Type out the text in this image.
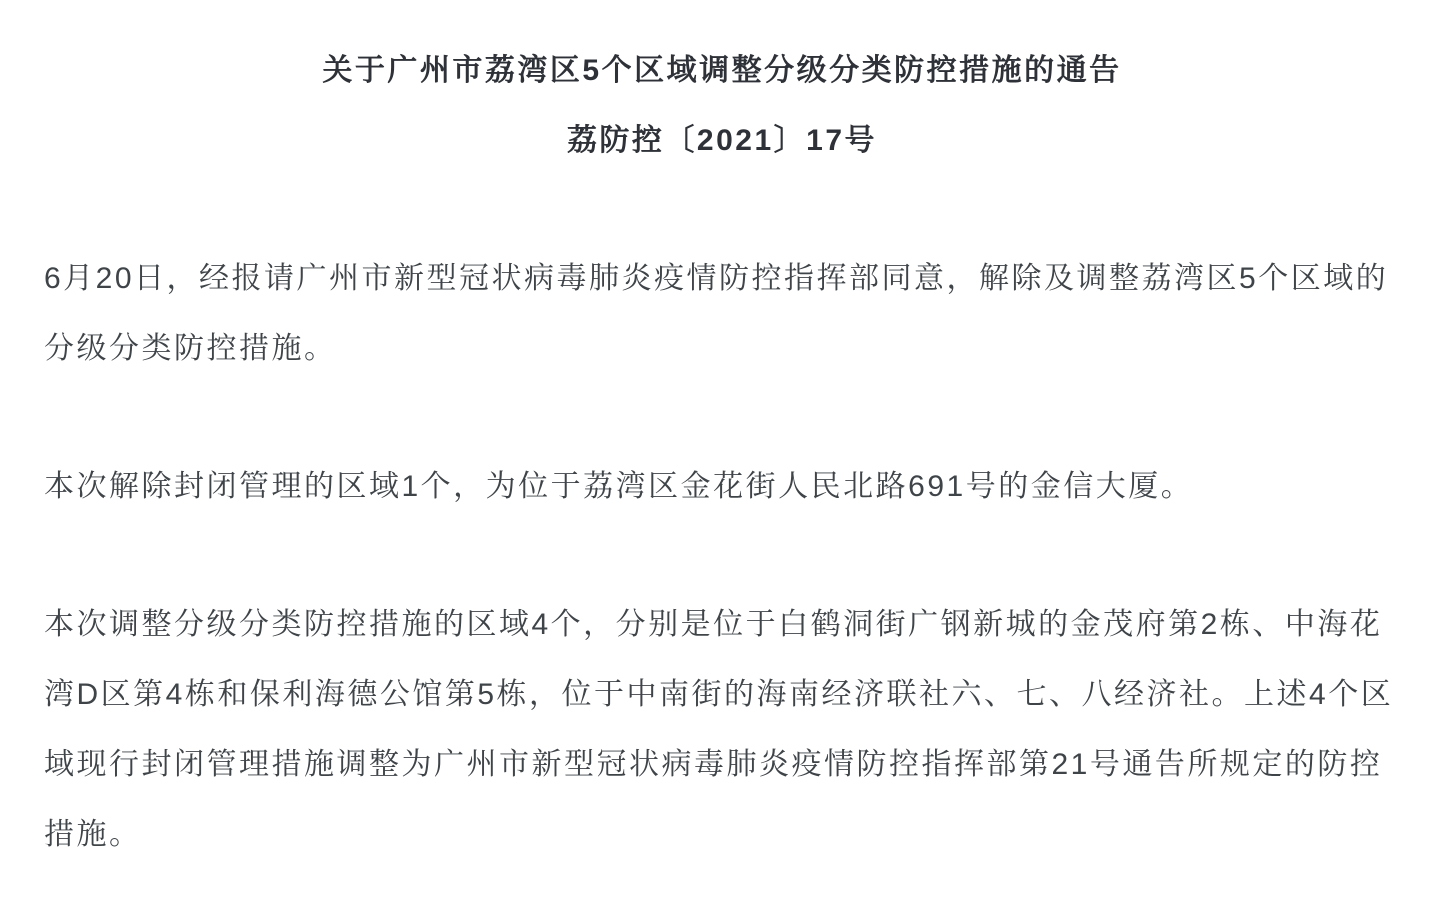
关于广州市荔湾区5个区域调整分级分类防控措施的通告
荔防控〔2021〕17号

6月20日，经报请广州市新型冠状病毒肺炎疫情防控指挥部同意，解除及调整荔湾区5个区域的分级分类防控措施。

本次解除封闭管理的区域1个，为位于荔湾区金花街人民北路691号的金信大厦。

本次调整分级分类防控措施的区域4个，分别是位于白鹤洞街广钢新城的金茂府第2栋、中海花湾D区第4栋和保利海德公馆第5栋，位于中南街的海南经济联社六、七、八经济社。上述4个区域现行封闭管理措施调整为广州市新型冠状病毒肺炎疫情防控指挥部第21号通告所规定的防控措施。
